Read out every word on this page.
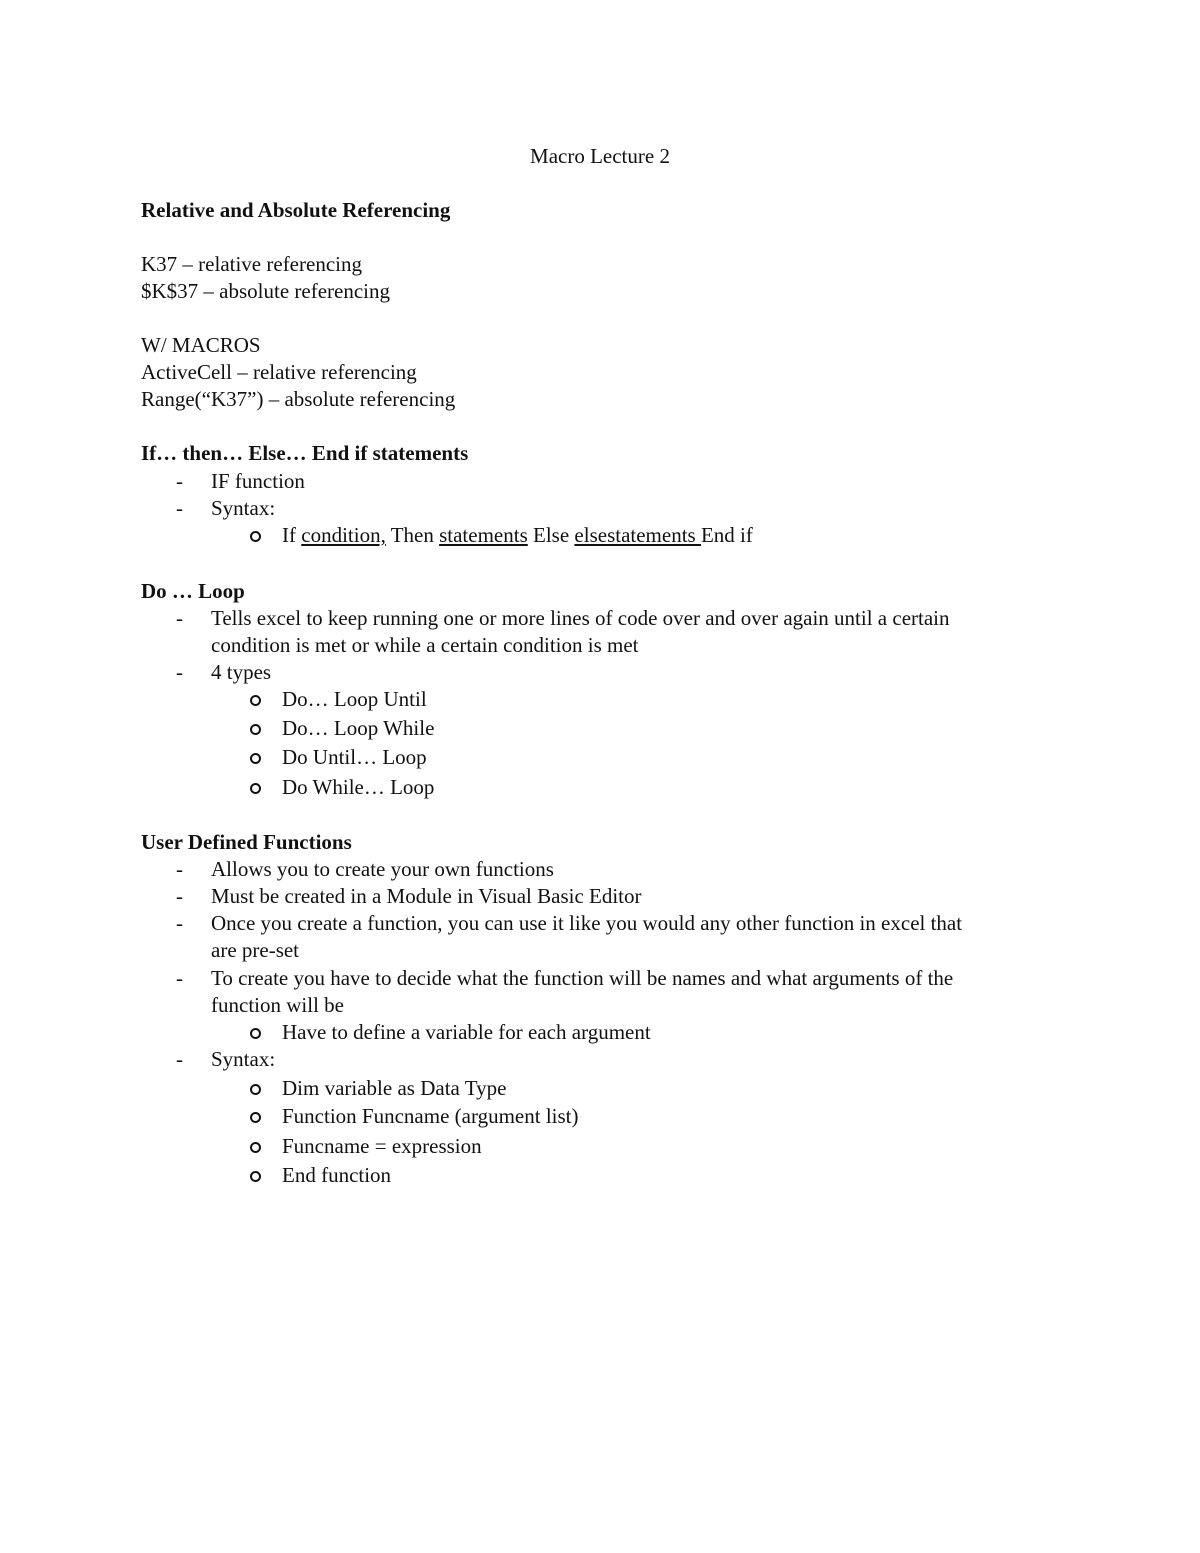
Macro Lecture 2
Relative and Absolute Referencing
K37 – relative referencing
$K$37 – absolute referencing
W/ MACROS
ActiveCell – relative referencing
Range(“K37”) – absolute referencing
If… then… Else… End if statements
- IF function
- Syntax:
If condition, Then statements Else elsestatements End if
Do … Loop
- Tells excel to keep running one or more lines of code over and over again until a certain
condition is met or while a certain condition is met
- 4 types
Do… Loop Until
Do… Loop While
Do Until… Loop
Do While… Loop
User Defined Functions
- Allows you to create your own functions
- Must be created in a Module in Visual Basic Editor
- Once you create a function, you can use it like you would any other function in excel that
are pre-set
- To create you have to decide what the function will be names and what arguments of the
function will be
Have to define a variable for each argument
- Syntax:
Dim variable as Data Type
Function Funcname (argument list)
Funcname = expression
End function
